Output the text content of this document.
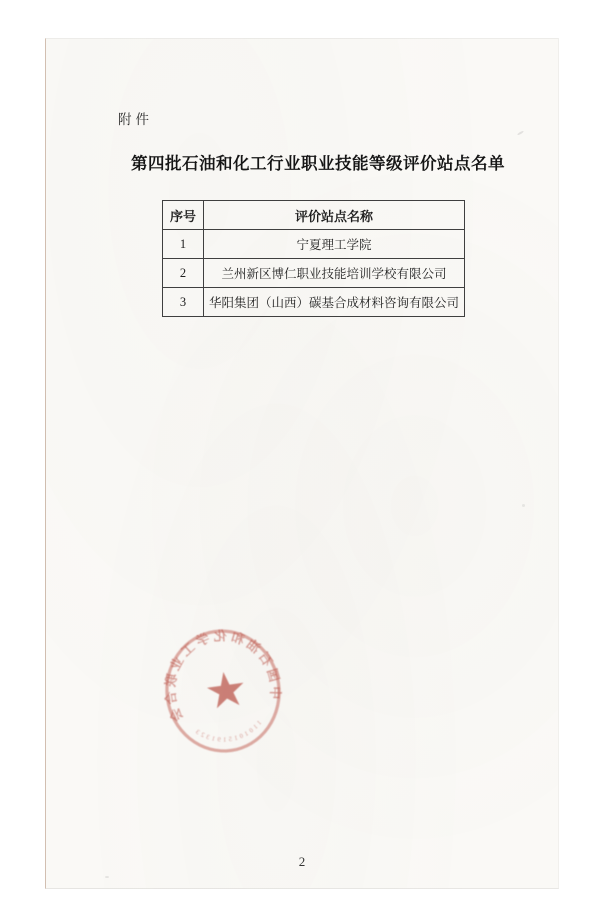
附件
第四批石油和化工行业职业技能等级评价站点名单
序号	评价站点名称
1	宁夏理工学院
2	兰州新区博仁职业技能培训学校有限公司
3	华阳集团（山西）碳基合成材料咨询有限公司
中国石油和化学工业联合会	1101015191323
★
2
